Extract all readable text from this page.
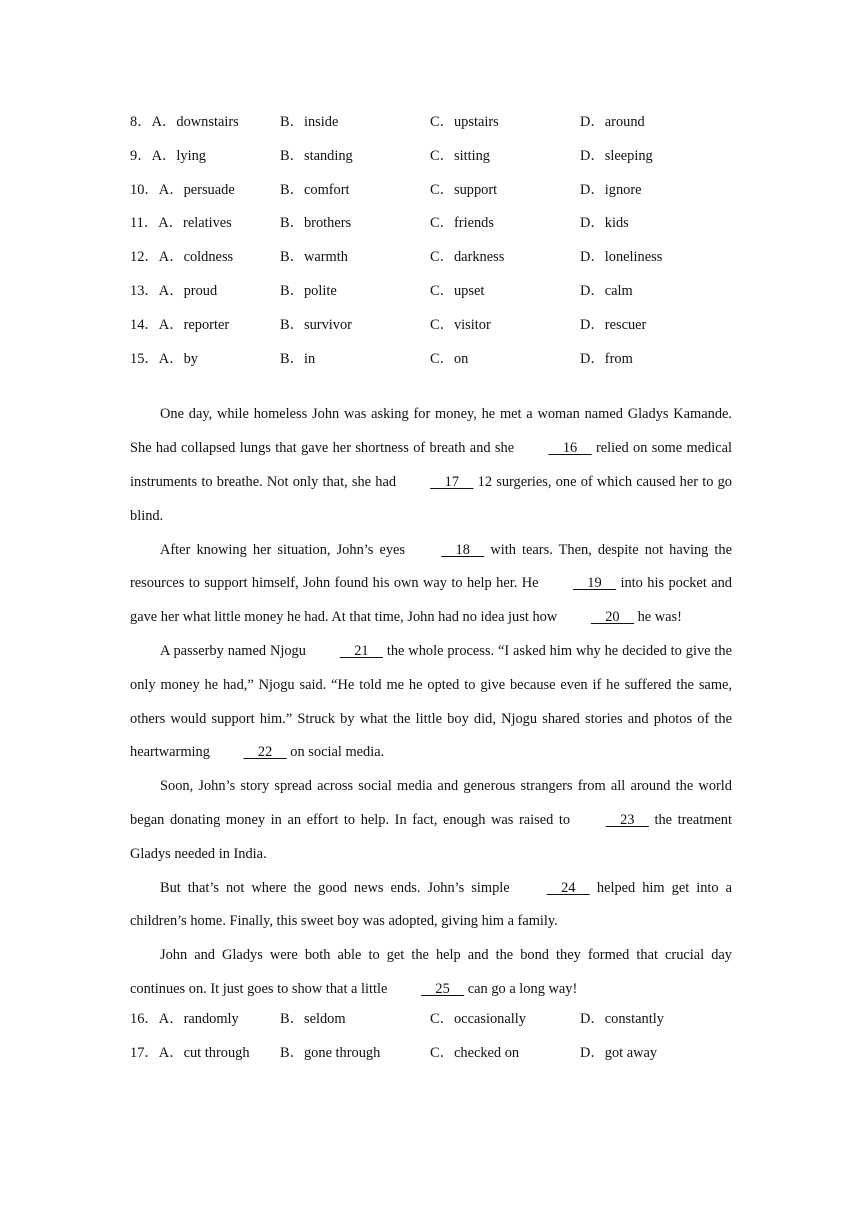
8．A．downstairs	B．inside	C．upstairs	D．around
9．A．lying	B．standing	C．sitting	D．sleeping
10．A．persuade	B．comfort	C．support	D．ignore
11．A．relatives	B．brothers	C．friends	D．kids
12．A．coldness	B．warmth	C．darkness	D．loneliness
13．A．proud	B．polite	C．upset	D．calm
14．A．reporter	B．survivor	C．visitor	D．rescuer
15．A．by	B．in	C．on	D．from

One day, while homeless John was asking for money, he met a woman named Gladys Kamande. She had collapsed lungs that gave her shortness of breath and she     16     relied on some medical instruments to breathe. Not only that, she had     17     12 surgeries, one of which caused her to go blind.

After knowing her situation, John’s eyes     18     with tears. Then, despite not having the resources to support himself, John found his own way to help her. He     19     into his pocket and gave her what little money he had. At that time, John had no idea just how     20     he was!

A passerby named Njogu     21     the whole process. “I asked him why he decided to give the only money he had,” Njogu said. “He told me he opted to give because even if he suffered the same, others would support him.” Struck by what the little boy did, Njogu shared stories and photos of the heartwarming     22     on social media.

Soon, John’s story spread across social media and generous strangers from all around the world began donating money in an effort to help. In fact, enough was raised to     23     the treatment Gladys needed in India.

But that’s not where the good news ends. John’s simple     24     helped him get into a children’s home. Finally, this sweet boy was adopted, giving him a family.

John and Gladys were both able to get the help and the bond they formed that crucial day continues on. It just goes to show that a little     25     can go a long way!

16．A．randomly	B．seldom	C．occasionally	D．constantly
17．A．cut through B．gone through	C．checked on	D．got away
